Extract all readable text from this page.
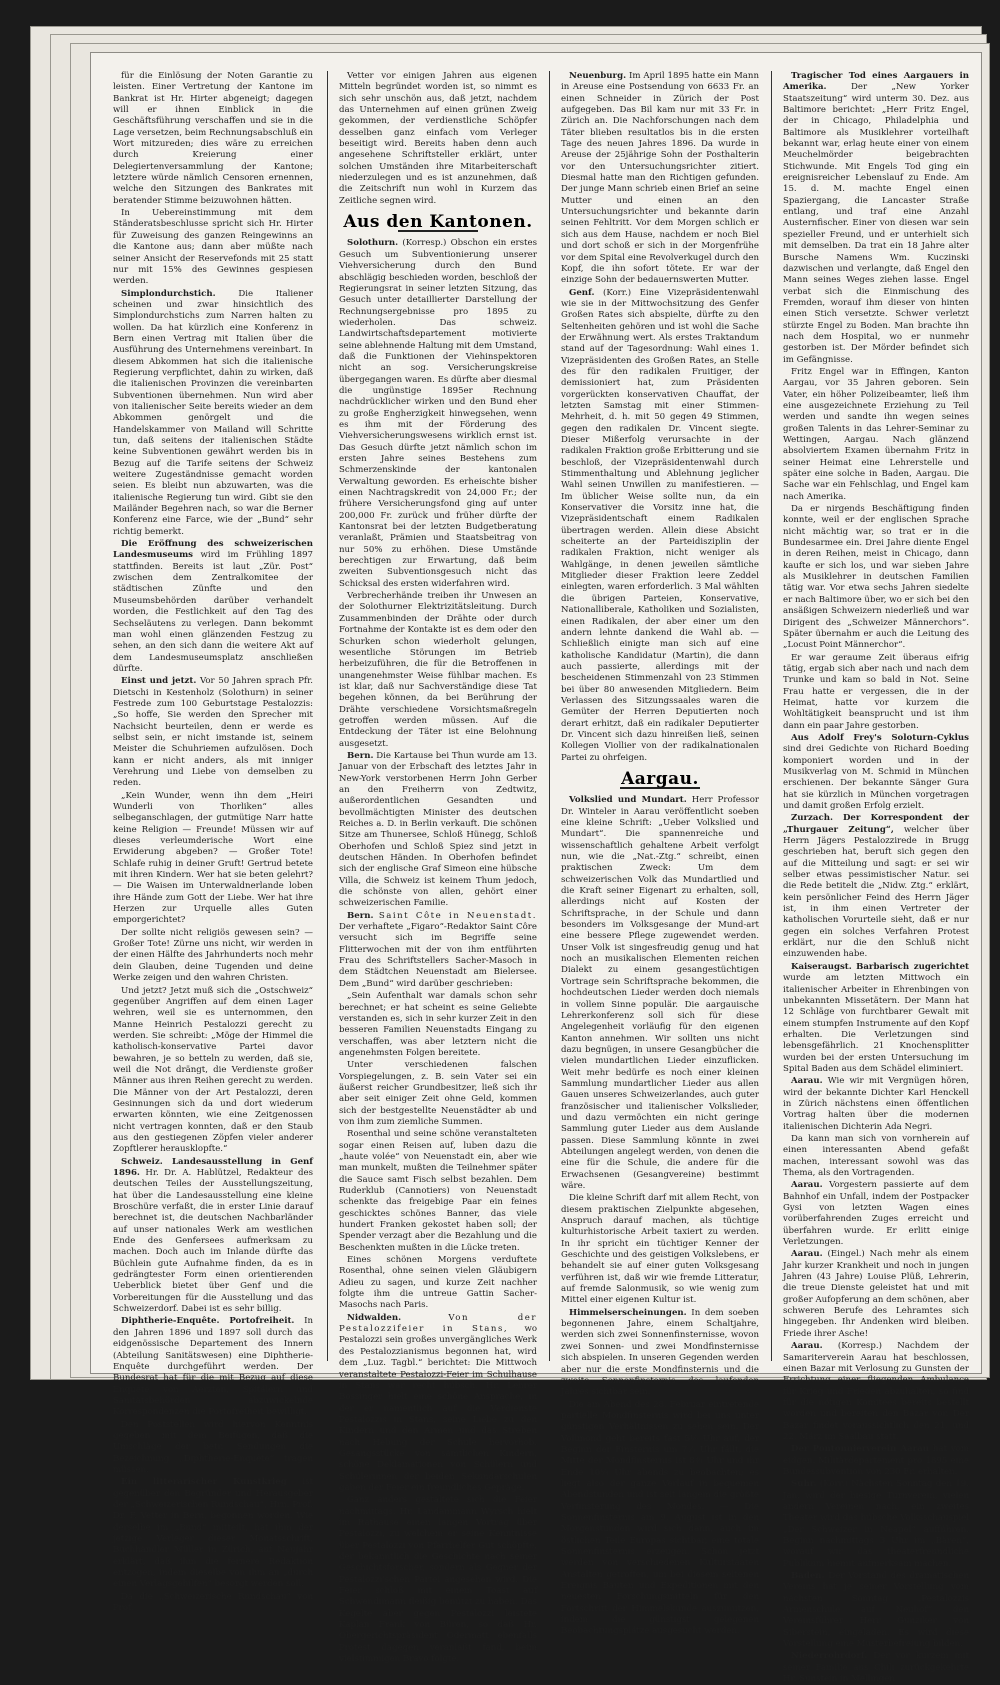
für die Einlösung der Noten Garantie zu leisten. Einer Vertretung der Kantone im Bankrat ist Hr. Hirter abgeneigt; dagegen will er ihnen Einblick in die Geschäftsführung verschaffen und sie in die Lage versetzen, beim Rechnungsabschluß ein Wort mitzureden; dies wäre zu erreichen durch Kreierung einer Delegiertenversammlung der Kantone; letztere würde nämlich Censoren ernennen, welche den Sitzungen des Bankrates mit beratender Stimme beizuwohnen hätten.

In Uebereinstimmung mit dem Ständeratsbeschlusse spricht sich Hr. Hirter für Zuweisung des ganzen Reingewinns an die Kantone aus; dann aber müßte nach seiner Ansicht der Reservefonds mit 25 statt nur mit 15% des Gewinnes gespiesen werden.

Simplondurchstich.	Die Italiener scheinen und zwar hinsichtlich des Simplondurchstichs zum Narren halten zu wollen. Da hat kürzlich eine Konferenz in Bern einen Vertrag mit Italien über die Ausführung des Unternehmens vereinbart. In diesem Abkommen hat sich die italienische Regierung verpflichtet, dahin zu wirken, daß die italienischen Provinzen die vereinbarten Subventionen übernehmen. Nun wird aber von italienischer Seite bereits wieder an dem Abkommen genörgelt und die Handelskammer von Mailand will Schritte tun, daß seitens der italienischen Städte keine Subventionen gewährt werden bis in Bezug auf die Tarife seitens der Schweiz weitere Zugeständnisse gemacht worden seien. Es bleibt nun abzuwarten, was die italienische Regierung tun wird. Gibt sie den Mailänder Begehren nach, so war die Berner Konferenz eine Farce, wie der „Bund“ sehr richtig bemerkt.

Die Eröffnung des schweizerischen Landesmuseums wird im Frühling 1897 stattfinden. Bereits ist laut „Zür. Post“ zwischen dem Zentralkomitee der städtischen Zünfte und den Museumsbehörden darüber verhandelt worden, die Festlichkeit auf den Tag des Sechseläutens zu verlegen. Dann bekommt man wohl einen glänzenden Festzug zu sehen, an den sich dann die weitere Akt auf dem Landesmuseumsplatz anschließen dürfte.

Einst und jetzt. Vor 50 Jahren sprach Pfr. Dietschi in Kestenholz (Solothurn) in seiner Festrede zum 100 Geburtstage Pestalozzis: „So hoffe, Sie werden den Sprecher mit Nachsicht beurteilen, denn er werde es selbst sein, er nicht imstande ist, seinem Meister die Schuhriemen aufzulösen. Doch kann er nicht anders, als mit inniger Verehrung und Liebe von demselben zu reden.

„Kein Wunder, wenn ihn dem „Heiri Wunderli von Thorliken“ alles selbeganschlagen, der gutmütige Narr hatte keine Religion — Freunde! Müssen wir auf dieses verleumderische Wort eine Erwiderung abgeben? — Großer Tote! Schlafe ruhig in deiner Gruft! Gertrud betete mit ihren Kindern. Wer hat sie beten gelehrt? — Die Waisen im Unterwaldnerlande loben ihre Hände zum Gott der Liebe. Wer hat ihre Herzen zur Urquelle alles Guten emporgerichtet?

Der sollte nicht religiös gewesen sein? — Großer Tote! Zürne uns nicht, wir werden in der einen Hälfte des Jahrhunderts noch mehr dein Glauben, deine Tugenden und deine Werke zeigen und den wahren Christen.

Und jetzt? Jetzt muß sich die „Ostschweiz“ gegenüber Angriffen auf dem einen Lager wehren, weil sie es unternommen, den Manne Heinrich Pestalozzi gerecht zu werden. Sie schreibt: „Möge der Himmel die katholisch-konservative Partei davor bewahren, je so betteln zu werden, daß sie, weil die Not drängt, die Verdienste großer Männer aus ihren Reihen gerecht zu werden. Die Männer von der Art Pestalozzi, deren Gesinnungen sich da und dort wiederum erwarten könnten, wie eine Zeitgenossen nicht vertragen konnten, daß er den Staub aus den gestiegenen Zöpfen vieler anderer Zopftlerer herausklopfte.“

Schweiz. Landesausstellung in Genf 1896. Hr. Dr. A. Hablützel, Redakteur des deutschen Teiles der Ausstellungszeitung, hat über die Landesausstellung eine kleine Broschüre verfaßt, die in erster Linie darauf berechnet ist, die deutschen Nachbarländer auf unser nationales Werk am westlichen Ende des Genfersees aufmerksam zu machen. Doch auch im Inlande dürfte das Büchlein gute Aufnahme finden, da es in gedrängtester Form einen orientierenden Ueberblick bietet über Genf und die Vorbereitungen für die Ausstellung und das Schweizerdorf. Dabei ist es sehr billig.

Diphtherie-Enquête. Portofreiheit. In den Jahren 1896 und 1897 soll durch das eidgenössische Departement des Innern (Abteilung Sanitätswesen) eine Diphtherie-Enquête durchgeführt werden. Der Bundesrat hat für die mit Bezug auf diese Enquête von Aerzten, Spitälern und Sanitätsbehörden abzuwickelnde Korrespondenzen die Portofreiheit bewilligt.

Den Poststellen wird hiervon Kenntnis gegeben mit dem Beifügen, daß die Umschläge der betr. Sendungen die Bezeichnung „Diphtherie-Enquête“ tragen müssen.

Ein litterarischer Kunstkrieg ist gegenüber den Begründer und Herausgeber der „Schweizerischen Rundschau“, Hrn. Prof. Dr. F. Vetter in Bern, begonnen worden. Wie derselbe im „Bund“ mitteilt, hat ihm der jetzige Verleger dieser Monatsschrift, Buchhändler Müller in Zürich, auf Neujahr erklärt, daß ihm die fernere Redaktion entzogen, indem dieselbe von ihm an „durch einen Verlagsgehilfen“ besorgt werden soll.

Da die „Schweizerische Rundschau“ von Prof.

Vetter vor einigen Jahren aus eigenen Mitteln begründet worden ist, so nimmt es sich sehr unschön aus, daß jetzt, nachdem das Unternehmen auf einen grünen Zweig gekommen, der verdienstliche Schöpfer desselben ganz einfach vom Verleger beseitigt wird. Bereits haben denn auch angesehene Schriftsteller erklärt, unter solchen Umständen ihre Mitarbeiterschaft niederzulegen und es ist anzunehmen, daß die Zeitschrift nun wohl in Kurzem das Zeitliche segnen wird.

Aus den Kantonen.

Solothurn. (Korresp.) Obschon ein erstes Gesuch um Subventionierung unserer Viehversicherung durch den Bund abschlägig beschieden worden, beschloß der Regierungsrat in seiner letzten Sitzung, das Gesuch unter detaillierter Darstellung der Rechnungsergebnisse pro 1895 zu wiederholen. Das schweiz. Landwirtschaftsdepartement motivierte seine ablehnende Haltung mit dem Umstand, daß die Funktionen der Viehinspektoren nicht an sog. Versicherungskreise übergegangen waren. Es dürfte aber diesmal die ungünstige 1895er Rechnung nachdrücklicher wirken und den Bund eher zu große Engherzigkeit hinwegsehen, wenn es ihm mit der Förderung des Viehversicherungswesens wirklich ernst ist. Das Gesuch dürfte jetzt nämlich schon im ersten Jahre seines Bestehens zum Schmerzenskinde der kantonalen Verwaltung geworden. Es erheischte bisher einen Nachtragskredit von 24,000 Fr.; der frühere Versicherungsfond ging auf unter 200,000 Fr. zurück und früher dürfte der Kantonsrat bei der letzten Budgetberatung veranlaßt, Prämien und Staatsbeitrag von nur 50% zu erhöhen. Diese Umstände berechtigen zur Erwartung, daß beim zweiten Subventionsgesuch nicht das Schicksal des ersten widerfahren wird.

Verbrecherhände treiben ihr Unwesen an der Solothurner Elektrizitätsleitung. Durch Zusammenbinden der Drähte oder durch Fortnahme der Kontakte ist es dem oder den Schurken schon wiederholt gelungen, wesentliche Störungen im Betrieb herbeizuführen, die für die Betroffenen in unangenehmster Weise fühlbar machen. Es ist klar, daß nur Sachverständige diese Tat begehen können, da bei Berührung der Drähte verschiedene Vorsichtsmaßregeln getroffen werden müssen. Auf die Entdeckung der Täter ist eine Belohnung ausgesetzt.

Bern. Die Kartause bei Thun wurde am 13. Januar von der Erbschaft des letztes Jahr in New-York verstorbenen Herrn John Gerber an den Freiherrn von Zedtwitz, außerordentlichen Gesandten und bevollmächtigten Minister des deutschen Reiches a. D. in Berlin verkauft. Die schönen Sitze am Thunersee, Schloß Hünegg, Schloß Oberhofen und Schloß Spiez sind jetzt in deutschen Händen. In Oberhofen befindet sich der englische Graf Simeon eine hübsche Villa, die Schweiz ist keinem Thum jedoch, die schönste von allen, gehört einer schweizerischen Familie.

Bern. Saint Côte in Neuenstadt. Der verhaftete „Figaro“-Redaktor Saint Côre versucht sich im Begriffe seine Flitterwochen mit der von ihm entführten Frau des Schriftstellers Sacher-Masoch in dem Städtchen Neuenstadt am Bielersee. Dem „Bund“ wird darüber geschrieben:

„Sein Aufenthalt war damals schon sehr berechnet; er hat scheint es seine Geliebte verstanden es, sich in sehr kurzer Zeit in den besseren Familien Neuenstadts Eingang zu verschaffen, was aber letztern nicht die angenehmsten Folgen bereitete.

Unter verschiedenen falschen Vorspiegelungen, z. B. sein Vater sei ein äußerst reicher Grundbesitzer, ließ sich ihr aber seit einiger Zeit ohne Geld, kommen sich der bestgestellte Neuenstädter ab und von ihm zum ziemliche Summen.

Rosenthal und seine schöne veranstalteten sogar einen Reisen auf, luben dazu die „haute volée“ von Neuenstadt ein, aber wie man munkelt, mußten die Teilnehmer später die Sauce samt Fisch selbst bezahlen. Dem Ruderklub (Cannotiers) von Neuenstadt schenkte das freigebige Paar ein feines geschicktes schönes Banner, das viele hundert Franken gekostet haben soll; der Spender verzagt aber die Bezahlung und die Beschenkten mußten in die Lücke treten.

Eines schönen Morgens verduftete Rosenthal, ohne seinen vielen Gläubigern Adieu zu sagen, und kurze Zeit nachher folgte ihm die untreue Gattin Sacher-Masochs nach Paris.

Nidwalden.	Von der Pestalozzifeier in Stans, wo Pestalozzi sein großes unvergängliches Werk des Pestalozzianismus begonnen hat, wird dem „Luz. Tagbl.“ berichtet: Die Mittwoch veranstaltete Pestalozzi-Feier im Schulhause in Stans war recht hübsch. Hr. Lehrer Bossinger hielt eine schöne Ansprache, in der er namentlich auf die Verdienste Pestalozzis in Stans, seine Liebe zu den Kindern und den Armen und das Streben nach Hebung der Schule hervorhob. Gesangsstücke von sämtlichen Kindern, schöne Deklamationen von Schülern und Schülerinnen der beiden Sekundarschulen gaben der Feier ein freundliches Gepräge.

Ganz anders gestaltete sich die Feier nachmittags. Hr. Landammann Wyrsch hielt im Rathause einen langen Vortrag über Pestalozzi, zu welchem er seine Kenntnisse über Pestalozzi von Pfarrhelfer Gut schöpfte, der bekanntlich die Geschichte nach seiner Geschichtsforscher, sondern als Gegner der Pestalozzi'schen Partei angesehen wird. Die Feier schloß mit einem Toast auf Schwendimann fleißig benützt zu haben. Das Kegelte aber gegen Pestalozzi leistete Kaplan Frank von Büren, so daß Hr. Obergerichtspräsident Odermatt ebenfalls Protest dagegen veranlaßt fand, beim vielstimmigen Bravo folgte.

Neuenburg. Im April 1895 hatte ein Mann in Areuse eine Postsendung von 6633 Fr. an einen Schneider in Zürich der Post aufgegeben. Das Bil kam nur mit 33 Fr. in Zürich an. Die Nachforschungen nach dem Täter blieben resultatlos bis in die ersten Tage des neuen Jahres 1896. Da wurde in Areuse der 25jährige Sohn der Posthalterin vor den Untersuchungsrichter zitiert. Diesmal hatte man den Richtigen gefunden. Der junge Mann schrieb einen Brief an seine Mutter und einen an den Untersuchungsrichter und bekannte darin seinen Fehltritt. Vor dem Morgen schlich er sich aus dem Hause, nachdem er noch Biel und dort schoß er sich in der Morgenfrühe vor dem Spital eine Revolverkugel durch den Kopf, die ihn sofort tötete. Er war der einzige Sohn der bedauernswerten Mutter.

Genf. (Korr.) Eine Vizepräsidentenwahl wie sie in der Mittwochsitzung des Genfer Großen Rates sich abspielte, dürfte zu den Seltenheiten gehören und ist wohl die Sache der Erwähnung wert. Als erstes Traktandum stand auf der Tagesordnung: Wahl eines 1. Vizepräsidenten des Großen Rates, an Stelle des für den radikalen Fruitiger, der demissioniert hat, zum Präsidenten vorgerückten konservativen Chauffat, der letzten Samstag mit einer Stimmen-Mehrheit, d. h. mit 50 gegen 49 Stimmen, gegen den radikalen Dr. Vincent siegte. Dieser Mißerfolg verursachte in der radikalen Fraktion große Erbitterung und sie beschloß, der Vizepräsidentenwahl durch Stimmenthaltung und Ablehnung jeglicher Wahl seinen Unwillen zu manifestieren. — Im üblicher Weise sollte nun, da ein Konservativer die Vorsitz inne hat, die Vizepräsidentschaft einem Radikalen übertragen werden. Allein diese Absicht scheiterte an der Parteidisziplin der radikalen Fraktion, nicht weniger als Wahlgänge, in denen jeweilen sämtliche Mitglieder dieser Fraktion leere Zeddel einlegten, waren erforderlich. 3 Mal wählten die übrigen Parteien, Konservative, Nationalliberale, Katholiken und Sozialisten, einen Radikalen, der aber einer um den andern lehnte dankend die Wahl ab. — Schließlich einigte man sich auf eine katholische Kandidatur (Martin), die dann auch passierte, allerdings mit der bescheidenen Stimmenzahl von 23 Stimmen bei über 80 anwesenden Mitgliedern. Beim Verlassen des Sitzungssaales waren die Gemüter der Herren Deputierten noch derart erhitzt, daß ein radikaler Deputierter Dr. Vincent sich dazu hinreißen ließ, seinen Kollegen Viollier von der radikalnationalen Partei zu ohrfeigen.

Aargau.

Volkslied und Mundart. Herr Professor Dr. Winteler in Aarau veröffentlicht soeben eine kleine Schrift: „Ueber Volkslied und Mundart“. Die spannenreiche und wissenschaftlich gehaltene Arbeit verfolgt nun, wie die „Nat.-Ztg.“ schreibt, einen praktischen Zweck: Um dem schweizerischen Volk das Mundartlied und die Kraft seiner Eigenart zu erhalten, soll, allerdings nicht auf Kosten der Schriftsprache, in der Schule und dann besonders im Volksgesange der Mund-art eine bessere Pflege zugewendet werden. Unser Volk ist singesfreudig genug und hat noch an musikalischen Elementen reichen Dialekt zu einem gesangestüchtigen Vortrage sein Schriftsprache bekommen, die hochdeutschen Lieder werden doch niemals in vollem Sinne populär. Die aargauische Lehrerkonferenz soll sich für diese Angelegenheit vorläufig für den eigenen Kanton annehmen. Wir sollten uns nicht dazu begnügen, in unsere Gesangbücher die vielen mundartlichen Lieder einzuflicken. Weit mehr bedürfe es noch einer kleinen Sammlung mundartlicher Lieder aus allen Gauen unseres Schweizerlandes, auch guter französischer und italienischer Volkslieder, und dazu vermöchten ein nicht geringe Sammlung guter Lieder aus dem Auslande passen. Diese Sammlung könnte in zwei Abteilungen angelegt werden, von denen die eine für die Schule, die andere für die Erwachsenen (Gesangvereine) bestimmt wäre.

Die kleine Schrift darf mit allem Recht, von diesem praktischen Zielpunkte abgesehen, Anspruch darauf machen, als tüchtige kulturhistorische Arbeit taxiert zu werden. In ihr spricht ein tüchtiger Kenner der Geschichte und des geistigen Volkslebens, er behandelt sie auf einer guten Volksgesang verführen ist, daß wir wie fremde Litteratur, auf fremde Salonmusik, so wie wenig zum Mittel einer eigenen Kultur ist.

Himmelserscheinungen. In dem soeben begonnenen Jahre, einem Schaltjahre, werden sich zwei Sonnenfinsternisse, wovon zwei Sonnen- und zwei Mondfinsternisse sich abspielen. In unseren Gegenden werden aber nur die erste Mondfinsternis und die zweite Sonnenfinsternis des laufenden Jahres sichtbar sein.

Die am Abend des 28. Februar eintretende partielle Mondfinsternis wird bei uns unter günstigen Verhältnissen zu sehen sein. Der Vollmond geht bereits fast 5½ Uhr auf, der Beginn der Finsternis um 7¼ Uhr fällt, die Mitte der Mondfinsternis ist 8¾ Uhr und ihr Ende 10¼ Uhr abends zu beobachten; es liegt also der ganze Verlauf in bequemen Abendstunden und ist seit langem die größte Verfinsterung des Mondes. — Die Sonnenfinsternis am 9. August ist in den Morgenstunden wird sich dann, auch im östlichen Teile Europas sichtbar, eine totale Sonnenfinsternis erzeugen. Schon jetzt werden von verschiedenen Kulturstaaten Anstalten getroffen, um bei diesem seltenen Ereignis Bauten und Expeditionen mit den neuesten Forschungsmitteln für den Fortschritt der Himmelskunde auszunutzen, indem die günstigst gelegenen Beobachtungsplätze ausgesucht werden.

Tragischer Tod eines Aargauers in Amerika.	Der „New Yorker Staatszeitung“ wird unterm 30. Dez. aus Baltimore berichtet: „Herr Fritz Engel, der in Chicago, Philadelphia und Baltimore als Musiklehrer vorteilhaft bekannt war, erlag heute einer von einem Meuchelmörder beigebrachten Stichwunde. Mit Engels Tod ging ein ereignisreicher Lebenslauf zu Ende. Am 15. d. M. machte Engel einen Spaziergang, die Lancaster Straße entlang, und traf eine Anzahl Austernfischer. Einer von diesen war sein spezieller Freund, und er unterhielt sich mit demselben. Da trat ein 18 Jahre alter Bursche Namens Wm. Kuczinski dazwischen und verlangte, daß Engel den Mann seines Weges ziehen lasse. Engel verbat sich die Einmischung des Fremden, worauf ihm dieser von hinten einen Stich versetzte. Schwer verletzt stürzte Engel zu Boden. Man brachte ihn nach dem Hospital, wo er nunmehr gestorben ist. Der Mörder befindet sich im Gefängnisse.

Fritz Engel war in Effingen, Kanton Aargau, vor 35 Jahren geboren. Sein Vater, ein höher Polizeibeamter, ließ ihm eine ausgezeichnete Erziehung zu Teil werden und sandte ihn wegen seines großen Talents in das Lehrer-Seminar zu Wettingen, Aargau. Nach glänzend absolviertem Examen übernahm Fritz in seiner Heimat eine Lehrerstelle und später eine solche in Baden, Aargau. Die Sache war ein Fehlschlag, und Engel kam nach Amerika.

Da er nirgends Beschäftigung finden konnte, weil er der englischen Sprache nicht mächtig war, so trat er in die Bundesarmee ein. Drei Jahre diente Engel in deren Reihen, meist in Chicago, dann kaufte er sich los, und war sieben Jahre als Musiklehrer in deutschen Familien tätig war. Vor etwa sechs Jahren siedelte er nach Baltimore über, wo er sich bei den ansäßigen Schweizern niederließ und war Dirigent des „Schweizer Männerchors“. Später übernahm er auch die Leitung des „Locust Point Männerchor“.

Er war geraume Zeit überaus eifrig tätig, ergab sich aber nach und nach dem Trunke und kam so bald in Not. Seine Frau hatte er vergessen, die in der Heimat, hatte vor kurzem die Wohltätigkeit beansprucht und ist ihm dann ein paar Jahre gestorben.

Aus Adolf Frey's Soloturn-Cyklus sind drei Gedichte von Richard Boeding komponiert worden und in der Musikverlag von M. Schmid in München erschienen. Der bekannte Sänger Gura hat sie kürzlich in München vorgetragen und damit großen Erfolg erzielt.

Zurzach. Der Korrespondent der „Thurgauer Zeitung“, welcher über Herrn Jägers Pestalozzirede in Brugg geschrieben hat, beruft sich gegen den auf die Mitteilung und sagt: er sei wir selber etwas pessimistischer Natur. sei die Rede betitelt die „Nidw. Ztg.“ erklärt, kein persönlicher Feind des Herrn Jäger ist, in ihm einen Vertreter der katholischen Vorurteile sieht, daß er nur gegen ein solches Verfahren Protest erklärt, nur die den Schluß nicht einzuwenden habe.

Kaiseraugst. Barbarisch zugerichtet wurde am letzten Mittwoch ein italienischer Arbeiter in Ehrenbingen von unbekannten Missetätern. Der Mann hat 12 Schläge von furchtbarer Gewalt mit einem stumpfen Instrumente auf den Kopf erhalten. Die Verletzungen sind lebensgefährlich. 21 Knochensplitter wurden bei der ersten Untersuchung im Spital Baden aus dem Schädel eliminiert.

Aarau. Wie wir mit Vergnügen hören, wird der bekannte Dichter Karl Henckell in Zürich nächstens einen öffentlichen Vortrag halten über die modernen italienischen Dichterin Ada Negri.

Da kann man sich von vornherein auf einen interessanten Abend gefaßt machen, interessant sowohl was das Thema, als den Vortragenden.

Aarau. Vorgestern passierte auf dem Bahnhof ein Unfall, indem der Postpacker Gysi von letzten Wagen eines vorüberfahrenden Zuges erreicht und überfahren wurde. Er erlitt einige Verletzungen.

Aarau. (Eingel.) Nach mehr als einem Jahr kurzer Krankheit und noch in jungen Jahren (43 Jahre) Louise Plüß, Lehrerin, die treue Dienste geleistet hat und mit großer Aufopferung an dem schönen, aber schweren Berufe des Lehramtes sich hingegeben. Ihr Andenken wird bleiben. Friede ihrer Asche!

Aarau. (Korresp.) Nachdem der Samariterverein Aarau hat beschlossen, einen Bazar mit Verlosung zu Gunsten der Errichtung einer fliegenden Ambulance für Krieg und Frieden abzuhalten, so find für die nötigen Komitees bereits bestellt worden und bereiten den Bazar vor. Der Bazar findet voraussichtlich den 21. und 22. März im Saalbau statt.

Der Pontonnierverein Aarau hat vom eidgen. Militärdepartement pro 1895 eine Bundessubvention von 230 Fr. erhalten.

Suhr. (Korr.) Nächsten Sonntag den 19. Jan. wird der hiesige Turnverein, vielen andern Vereinen nach, ein zweites Theater wird das hübsche Volksschauspiel „Der Schweizer in Neapel“ aufführen. Beginn nachmittags 3 Uhr im „Bären“, worauf wir das theaterfreundliche Publikum hiemit aufmerksam machen.

Baden. Der Vorstand des dramatischen Vereins hat je seiner Vorstellung vom nächsten Sonntag „Pestalozzis Armenschule auf Neuhof“ den Vereinsführer Herr Gunziker von Siberstein, eingeladen. Es wird diese Vorstellung eine Musterbefreiung bilden.

Niederrohrdorf. Der vor kurzem mit seiner Familie aus Chili zurückgekehrte Hr. Sunstein in Mellingen
